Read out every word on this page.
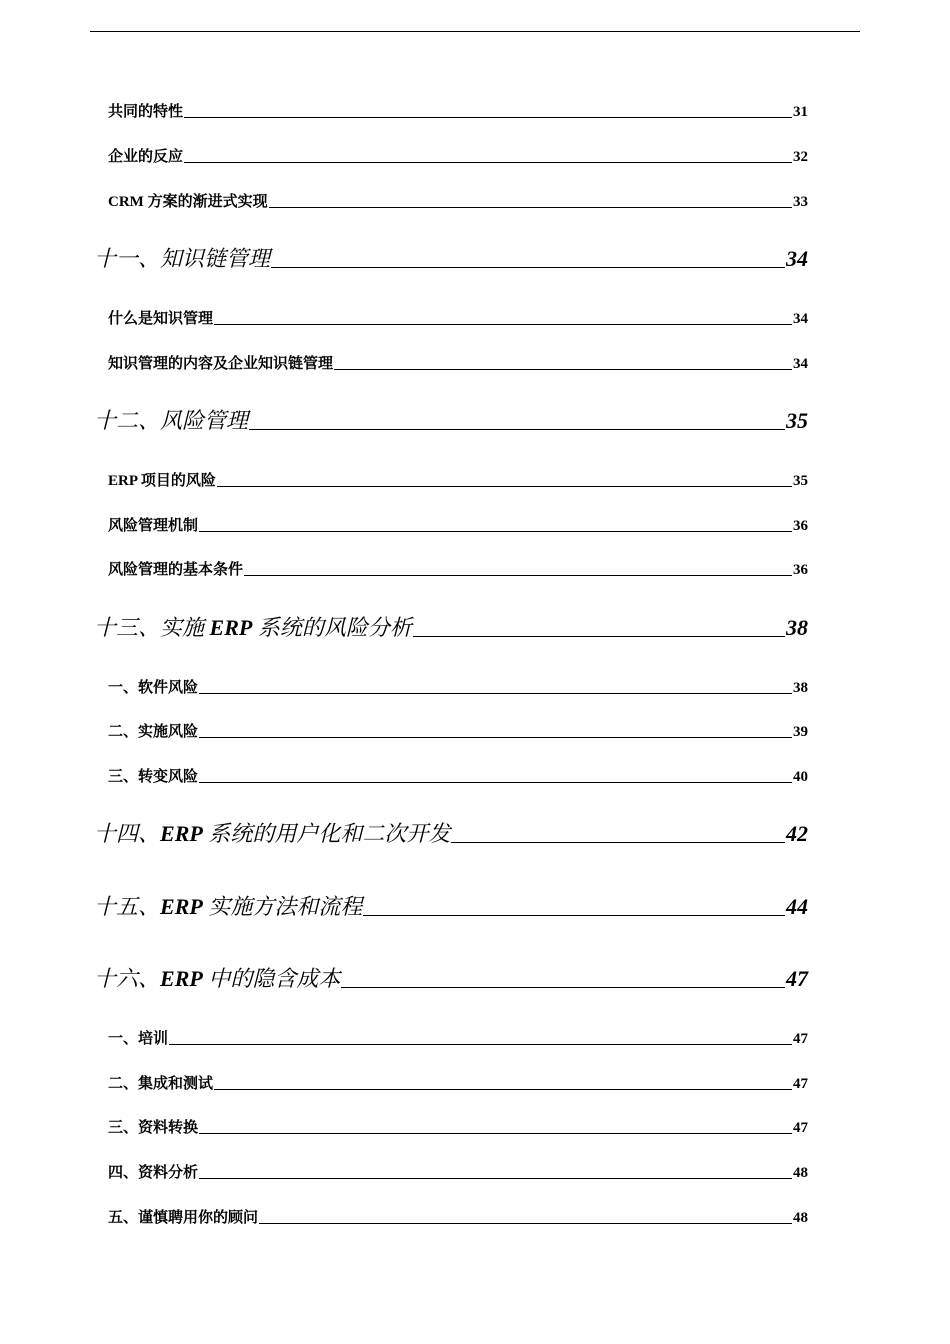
共同的特性	31
企业的反应	32
CRM 方案的渐进式实现	33
十一、知识链管理	34
什么是知识管理	34
知识管理的内容及企业知识链管理	34
十二、风险管理	35
ERP 项目的风险	35
风险管理机制	36
风险管理的基本条件	36
十三、实施 ERP 系统的风险分析	38
一、软件风险	38
二、实施风险	39
三、转变风险	40
十四、ERP 系统的用户化和二次开发	42
十五、ERP 实施方法和流程	44
十六、ERP 中的隐含成本	47
一、培训	47
二、集成和测试	47
三、资料转换	47
四、资料分析	48
五、谨慎聘用你的顾问	48
